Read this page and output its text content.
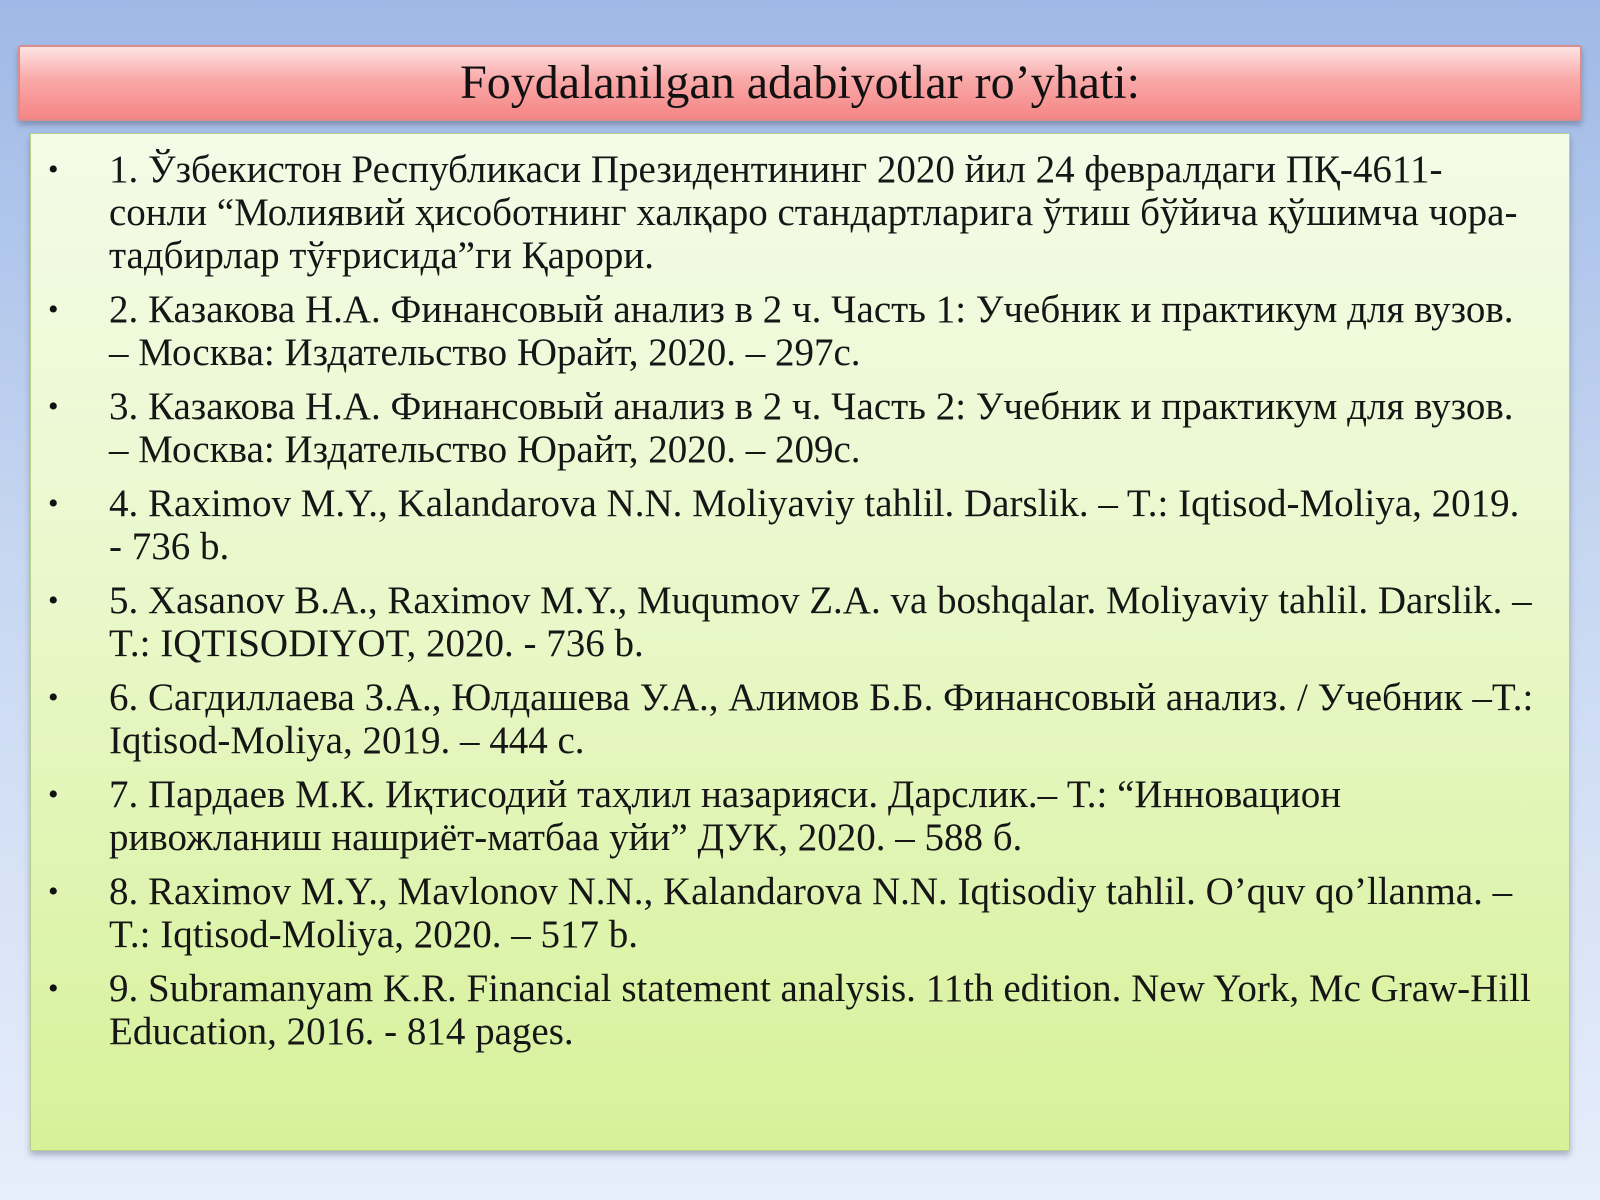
Foydalanilgan adabiyotlar ro’yhati:
• 1. Ўзбекистон Республикаси Президентининг 2020 йил 24 февралдаги ПҚ-4611-сонли “Молиявий ҳисоботнинг халқаро стандартларига ўтиш бўйича қўшимча чора-тадбирлар тўғрисида”ги Қарори.
• 2. Казакова Н.А. Финансовый анализ в 2 ч. Часть 1: Учебник и практикум для вузов. – Москва: Издательство Юрайт, 2020. – 297с.
• 3. Казакова Н.А. Финансовый анализ в 2 ч. Часть 2: Учебник и практикум для вузов. – Москва: Издательство Юрайт, 2020. – 209с.
• 4. Raximov M.Y., Kalandarova N.N. Moliyaviy tahlil. Darslik. – T.: Iqtisod-Moliya, 2019. - 736 b.
• 5. Xasanov B.A., Raximov M.Y., Muqumov Z.A. va boshqalar. Moliyaviy tahlil. Darslik. – T.: IQTISODIYOT, 2020. - 736 b.
• 6. Сагдиллаева З.А., Юлдашева У.А., Алимов Б.Б. Финансовый анализ. / Учебник –T.: Iqtisod-Moliya, 2019. – 444 с.
• 7. Пардаев М.К. Иқтисодий таҳлил назарияси. Дарслик.– Т.: “Инновацион ривожланиш нашриёт-матбаа уйи” ДУК, 2020. – 588 б.
• 8. Raximov M.Y., Mavlonov N.N., Kalandarova N.N. Iqtisodiy tahlil. O’quv qo’llanma. – T.: Iqtisod-Moliya, 2020. – 517 b.
• 9. Subramanyam K.R. Financial statement analysis. 11th edition. New York, Mc Graw-Hill Education, 2016. - 814 pages.
